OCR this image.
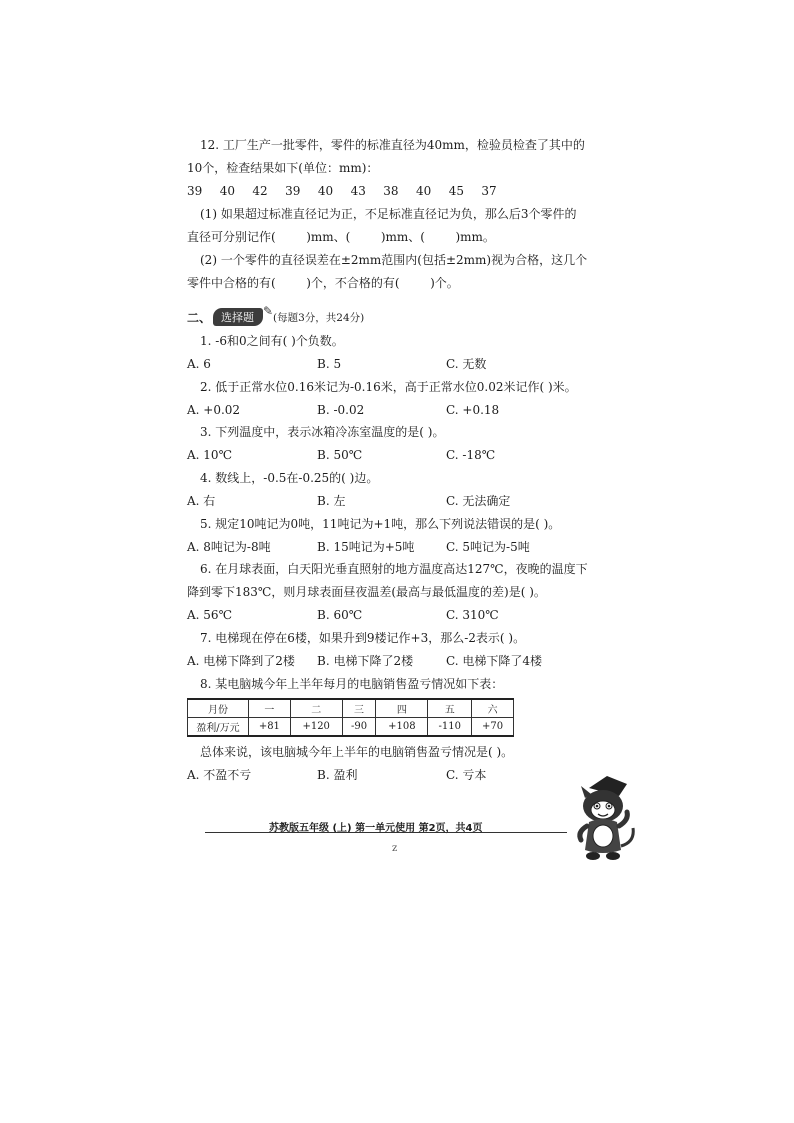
12. 工厂生产一批零件，零件的标准直径为40mm，检验员检查了其中的
10个，检查结果如下(单位：mm)：
39   40   42   39   40   43   38   40   45   37
(1) 如果超过标准直径记为正，不足标准直径记为负，那么后3个零件的
直径可分别记作(        )mm、(        )mm、(        )mm。
(2) 一个零件的直径误差在±2mm范围内(包括±2mm)视为合格，这几个
零件中合格的有(        )个，不合格的有(        )个。
二、 选择题 ✎ (每题3分，共24分)
1. -6和0之间有( )个负数。
A. 6	B. 5	C. 无数
2. 低于正常水位0.16米记为-0.16米，高于正常水位0.02米记作( )米。
A. +0.02	B. -0.02	C. +0.18
3. 下列温度中，表示冰箱冷冻室温度的是( )。
A. 10℃	B. 50℃	C. -18℃
4. 数线上，-0.5在-0.25的( )边。
A. 右	B. 左	C. 无法确定
5. 规定10吨记为0吨，11吨记为+1吨，那么下列说法错误的是( )。
A. 8吨记为-8吨	B. 15吨记为+5吨	C. 5吨记为-5吨
6. 在月球表面，白天阳光垂直照射的地方温度高达127℃，夜晚的温度下
降到零下183℃，则月球表面昼夜温差(最高与最低温度的差)是( )。
A. 56℃	B. 60℃	C. 310℃
7. 电梯现在停在6楼，如果升到9楼记作+3，那么-2表示( )。
A. 电梯下降到了2楼 B. 电梯下降了2楼	C. 电梯下降了4楼
8. 某电脑城今年上半年每月的电脑销售盈亏情况如下表：
月份	一	二	三	四	五	六
盈利/万元	+81	+120	-90	+108	-110	+70
总体来说，该电脑城今年上半年的电脑销售盈亏情况是( )。
A. 不盈不亏	B. 盈利	C. 亏本
苏教版五年级 (上) 第一单元使用 第2页，共4页
z
